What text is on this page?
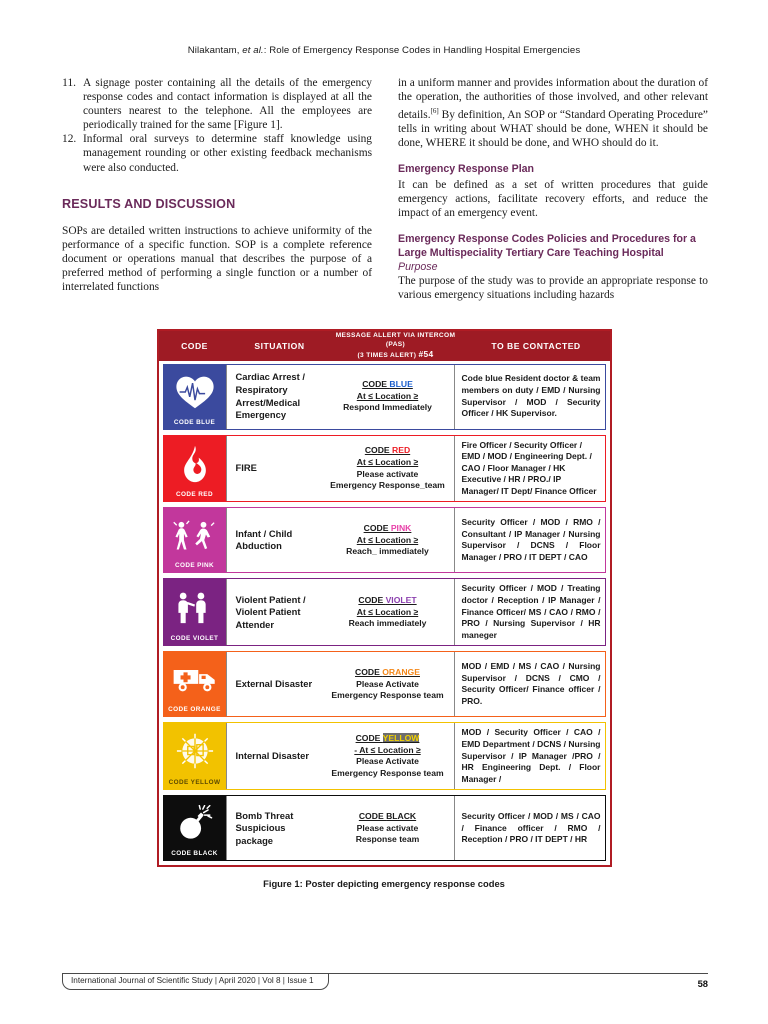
Nilakantam, et al.: Role of Emergency Response Codes in Handling Hospital Emergencies
11. A signage poster containing all the details of the emergency response codes and contact information is displayed at all the counters nearest to the telephone. All the employees are periodically trained for the same [Figure 1].
12. Informal oral surveys to determine staff knowledge using management rounding or other existing feedback mechanisms were also conducted.
RESULTS AND DISCUSSION

SOPs are detailed written instructions to achieve uniformity of the performance of a specific function. SOP is a complete reference document or operations manual that describes the purpose of a preferred method of performing a single function or a number of interrelated functions

in a uniform manner and provides information about the duration of the operation, the authorities of those involved, and other relevant details.[6] By definition, An SOP or “Standard Operating Procedure” tells in writing about WHAT should be done, WHEN it should be done, WHERE it should be done, and WHO should do it.

Emergency Response Plan

It can be defined as a set of written procedures that guide emergency actions, facilitate recovery efforts, and reduce the impact of an emergency event.

Emergency Response Codes Policies and Procedures for a Large Multispeciality Tertiary Care Teaching Hospital
Purpose

The purpose of the study was to provide an appropriate response to various emergency situations including hazards

CODE	SITUATION
MESSAGE ALLERT VIA INTERCOM (PAS)
(3 TIMES ALERT) #54
TO BE CONTACTED
CODE BLUE
Cardiac Arrest / Respiratory Arrest/Medical Emergency
CODE BLUE
At ≤ Location ≥
Respond Immediately
Code blue Resident doctor & team members on duty / EMD / Nursing Supervisor / MOD / Security Officer / HK Supervisor.
CODE RED
FIRE
CODE RED
At ≤ Location ≥
Please activate
Emergency Response_team
Fire Officer / Security Officer / EMD / MOD / Engineering Dept. / CAO / Floor Manager / HK Executive / HR / PRO./ IP Manager/ IT Dept/ Finance Officer
CODE PINK
Infant / Child Abduction
CODE PINK
At ≤ Location ≥
Reach_ immediately
Security Officer / MOD / RMO / Consultant / IP Manager / Nursing Supervisor / DCNS / Floor Manager / PRO / IT DEPT / CAO
CODE VIOLET
Violent Patient / Violent Patient Attender
CODE VIOLET
At ≤ Location ≥
Reach immediately
Security Officer / MOD / Treating doctor / Reception / IP Manager / Finance Officer/ MS / CAO / RMO / PRO / Nursing Supervisor / HR maneger
CODE ORANGE
External Disaster
CODE ORANGE
Please Activate
Emergency Response team
MOD / EMD / MS / CAO / Nursing Supervisor / DCNS / CMO / Security Officer/ Finance officer / PRO.
CODE YELLOW
Internal Disaster
CODE YELLOW
- At ≤ Location ≥
Please Activate
Emergency Response team
MOD / Security Officer / CAO / EMD Department / DCNS / Nursing Supervisor / IP Manager /PRO / HR Engineering Dept. / Floor Manager /
CODE BLACK
Bomb Threat Suspicious package
CODE BLACK
Please activate
Response team
Security Officer / MOD / MS / CAO / Finance officer / RMO / Reception / PRO / IT DEPT / HR
Figure 1: Poster depicting emergency response codes
International Journal of Scientific Study | April 2020 | Vol 8 | Issue 1	58
